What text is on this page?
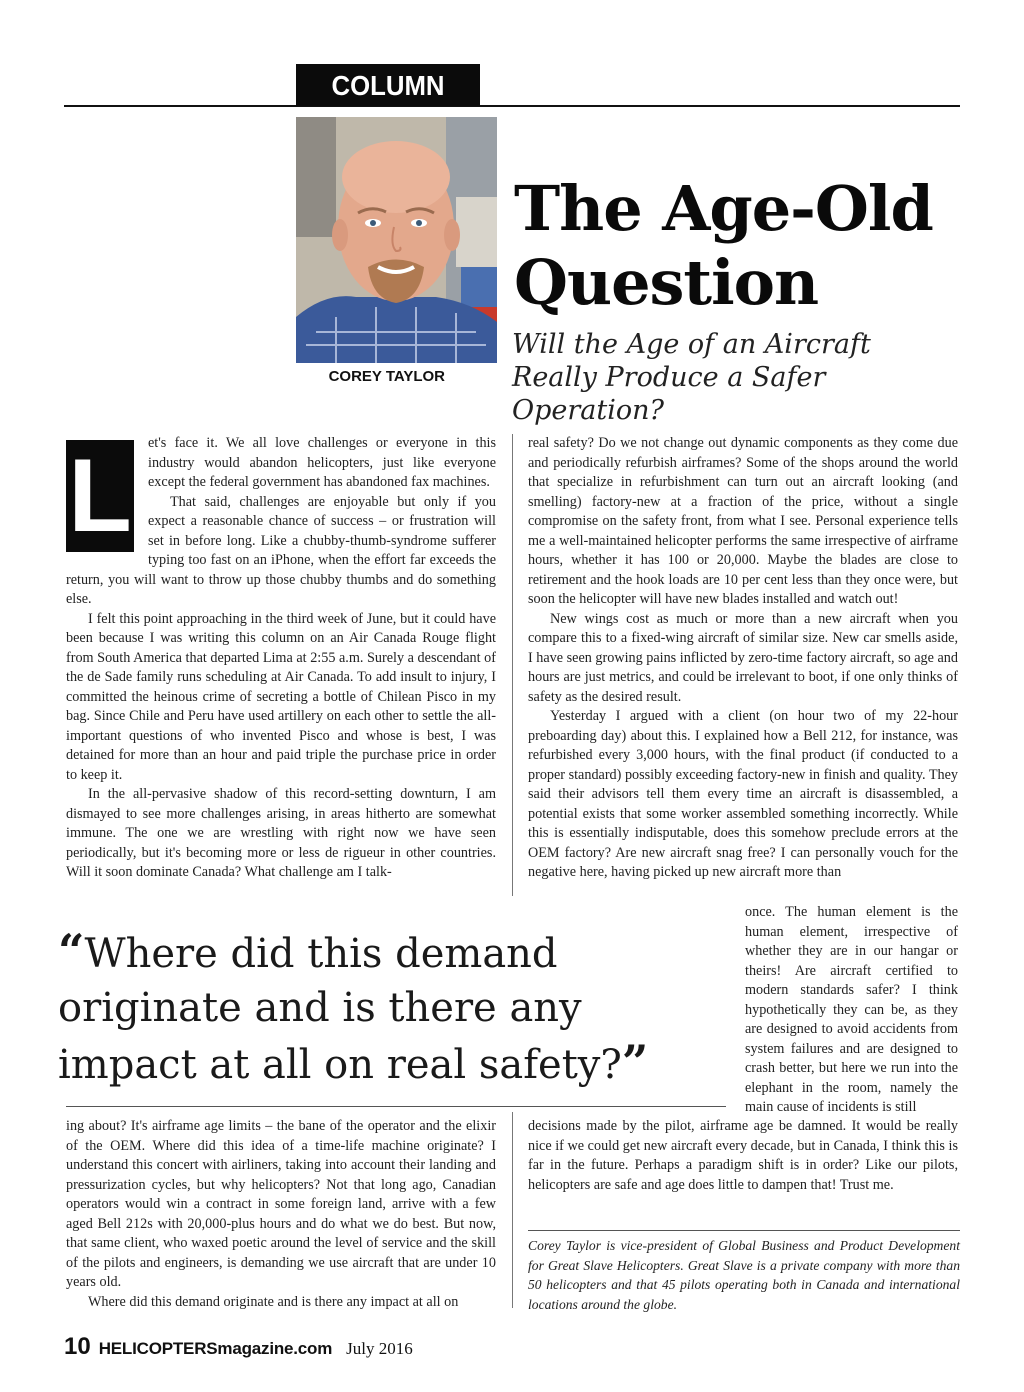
COLUMN
COREY TAYLOR
The Age-Old Question
Will the Age of an Aircraft Really Produce a Safer Operation?
L	et's face it. We all love challenges or everyone in this industry would abandon helicopters, just like everyone except the federal government has abandoned fax machines.

That said, challenges are enjoyable but only if you expect a reasonable chance of success – or frustration will set in before long. Like a chubby-thumb-syndrome sufferer typing too fast on an iPhone, when the effort far exceeds the return, you will want to throw up those chubby thumbs and do something else.

I felt this point approaching in the third week of June, but it could have been because I was writing this column on an Air Canada Rouge flight from South America that departed Lima at 2:55 a.m. Surely a descendant of the de Sade family runs scheduling at Air Canada. To add insult to injury, I committed the heinous crime of secreting a bottle of Chilean Pisco in my bag. Since Chile and Peru have used artillery on each other to settle the all-important questions of who invented Pisco and whose is best, I was detained for more than an hour and paid triple the purchase price in order to keep it.

In the all-pervasive shadow of this record-setting downturn, I am dismayed to see more challenges arising, in areas hitherto are somewhat immune. The one we are wrestling with right now we have seen periodically, but it's becoming more or less de rigueur in other countries. Will it soon dominate Canada? What challenge am I talk-

real safety? Do we not change out dynamic components as they come due and periodically refurbish airframes? Some of the shops around the world that specialize in refurbishment can turn out an aircraft looking (and smelling) factory-new at a fraction of the price, without a single compromise on the safety front, from what I see. Personal experience tells me a well-maintained helicopter performs the same irrespective of airframe hours, whether it has 100 or 20,000. Maybe the blades are close to retirement and the hook loads are 10 per cent less than they once were, but soon the helicopter will have new blades installed and watch out!

New wings cost as much or more than a new aircraft when you compare this to a fixed-wing aircraft of similar size. New car smells aside, I have seen growing pains inflicted by zero-time factory aircraft, so age and hours are just metrics, and could be irrelevant to boot, if one only thinks of safety as the desired result.

Yesterday I argued with a client (on hour two of my 22-hour preboarding day) about this. I explained how a Bell 212, for instance, was refurbished every 3,000 hours, with the final product (if conducted to a proper standard) possibly exceeding factory-new in finish and quality. They said their advisors tell them every time an aircraft is disassembled, a potential exists that some worker assembled something incorrectly. While this is essentially indisputable, does this somehow preclude errors at the OEM factory? Are new aircraft snag free? I can personally vouch for the negative here, having picked up new aircraft more than

once. The human element is the human element, irrespective of whether they are in our hangar or theirs! Are aircraft certified to modern standards safer? I think hypothetically they can be, as they are designed to avoid accidents from system failures and are designed to crash better, but here we run into the elephant in the room, namely the main cause of incidents is still

“Where did this demand originate and is there any impact at all on real safety?”

ing about? It's airframe age limits – the bane of the operator and the elixir of the OEM. Where did this idea of a time-life machine originate? I understand this concert with airliners, taking into account their landing and pressurization cycles, but why helicopters? Not that long ago, Canadian operators would win a contract in some foreign land, arrive with a few aged Bell 212s with 20,000-plus hours and do what we do best. But now, that same client, who waxed poetic around the level of service and the skill of the pilots and engineers, is demanding we use aircraft that are under 10 years old.

Where did this demand originate and is there any impact at all on

decisions made by the pilot, airframe age be damned. It would be really nice if we could get new aircraft every decade, but in Canada, I think this is far in the future. Perhaps a paradigm shift is in order? Like our pilots, helicopters are safe and age does little to dampen that! Trust me.

Corey Taylor is vice-president of Global Business and Product Development for Great Slave Helicopters. Great Slave is a private company with more than 50 helicopters and that 45 pilots operating both in Canada and international locations around the globe.
10 HELICOPTERSmagazine.com July 2016
